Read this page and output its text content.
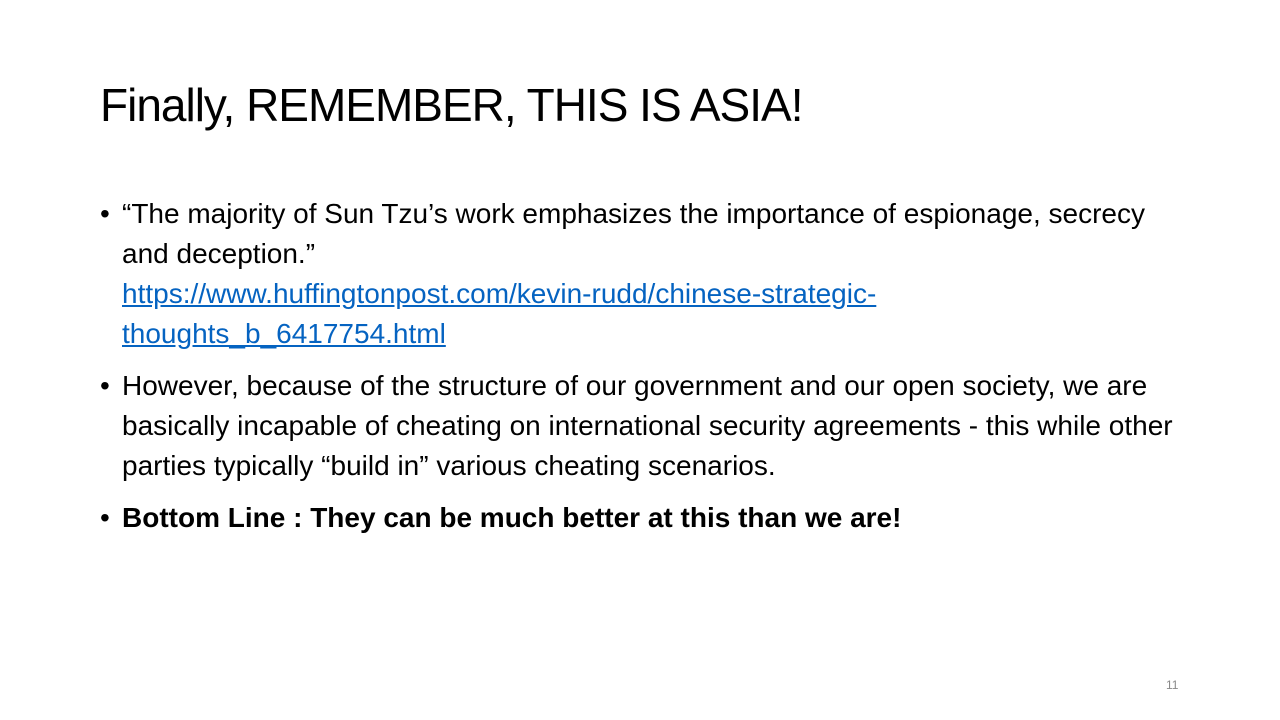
Finally, REMEMBER, THIS IS ASIA!
• “The majority of Sun Tzu’s work emphasizes the importance of espionage, secrecy and deception.”
https://www.huffingtonpost.com/kevin-rudd/chinese-strategic-
thoughts_b_6417754.html
• However, because of the structure of our government and our open society, we are basically incapable of cheating on international security agreements - this while other parties typically “build in” various cheating scenarios.
• Bottom Line : They can be much better at this than we are!
11
